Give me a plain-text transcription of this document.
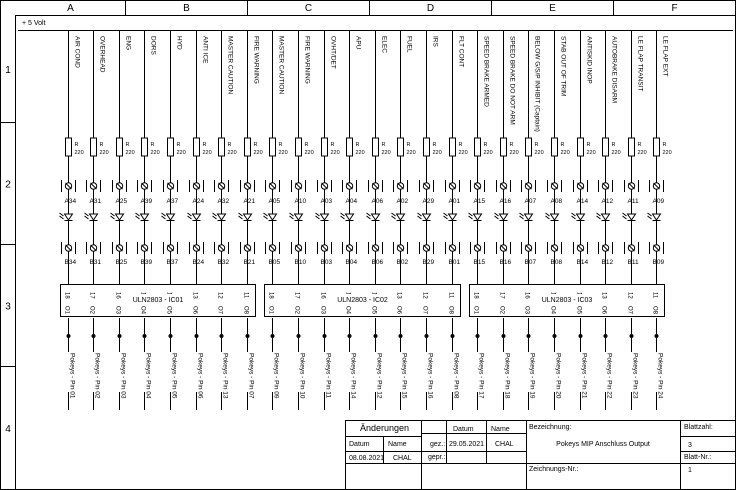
A	B	C	D	E	F
1
2
3
4
+ 5 Volt
AIR COND
R
220
A34
B34
18
O1
Pokeys - Pin 01
OVERHEAD
R
220
A31
B31
17
O2
Pokeys - Pin 02
ENG
R
220
A25
B25
16
O3
Pokeys - Pin 03
DORS
R
220
A39
B39
O4
Pokeys - Pin 04
HYD
R
220
A37
B37
O5
Pokeys - Pin 05
ANTI ICE
R
220
A24
B24
13
O6
Pokeys - Pin 06
MASTER CAUTION
R
220
A32
B32
12
O7
Pokeys - Pin 13
FIRE WARNING
R
220
A21
B21
11
O8
Pokeys - Pin 07
MASTER CAUTION
R
220
A05
B05
18
O1
Pokeys - Pin 09
FIRE WARNING
R
220
A10
B10
17
O2
Pokeys - Pin 10
OVHT/DET
R
220
A03
B03
16
O3
Pokeys - Pin 11
APU
R
220
A04
B04
O4
Pokeys - Pin 14
ELEC
R
220
A06
B06
O5
Pokeys - Pin 12
FUEL
R
220
A02
B02
13
O6
Pokeys - Pin 15
IRS
R
220
A29
B29
12
O7
Pokeys - Pin 16
FLT CONT
R
220
A01
B01
11
O8
Pokeys - Pin 08
SPEED BRAKE ARMED
R
220
A15
B15
18
O1
Pokeys - Pin 17
SPEED BRAKE DO NOT ARM
R
220
A16
B16
17
O2
Pokeys - Pin 18
BELOW G/S/P INHIBIT (Captain)
R
220
A07
B07
16
O3
Pokeys - Pin 19
STAB OUT OF TRIM
R
220
A08
B08
O4
Pokeys - Pin 20
ANTISKID INOP
R
220
A14
B14
O5
Pokeys - Pin 21
AUTOBRAKE DISARM
R
220
A12
B12
13
O6
Pokeys - Pin 22
LE FLAP TRANSIT
R
220
A11
B11
12
O7
Pokeys - Pin 23
LE FLAP EXT
R
220
A09
B09
11
O8
Pokeys - Pin 24
ULN2803 - IC01	ULN2803 - IC02	ULN2803 - IC03
Änderungen
Datum	Name
08.08.2021 CHAL
Datum Name
gez.: 29.05.2021 CHAL
gepr.:
Bezeichnung:
Pokeys MIP Anschluss Output
Zeichnungs-Nr.:
Blattzahl:
3
Blatt-Nr.:
1
